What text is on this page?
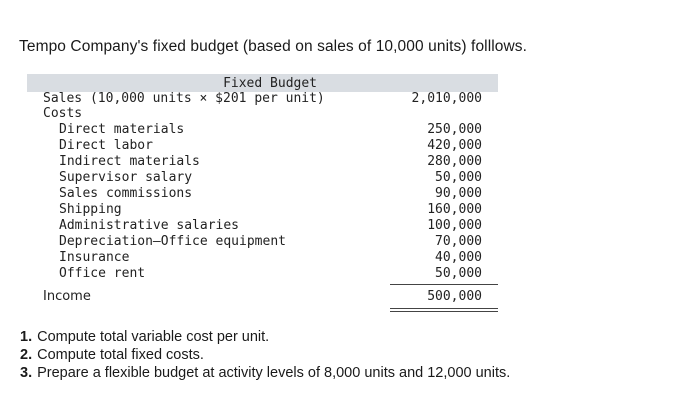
Tempo Company's fixed budget (based on sales of 10,000 units) folllows.
Fixed Budget
Sales (10,000 units × $201 per unit)	2,010,000
Costs
Direct materials	250,000
Direct labor	420,000
Indirect materials	280,000
Supervisor salary	50,000
Sales commissions	90,000
Shipping	160,000
Administrative salaries	100,000
Depreciation—Office equipment	70,000
Insurance	40,000
Office rent	50,000
Income	500,000
1. Compute total variable cost per unit.
2. Compute total fixed costs.
3. Prepare a flexible budget at activity levels of 8,000 units and 12,000 units.
